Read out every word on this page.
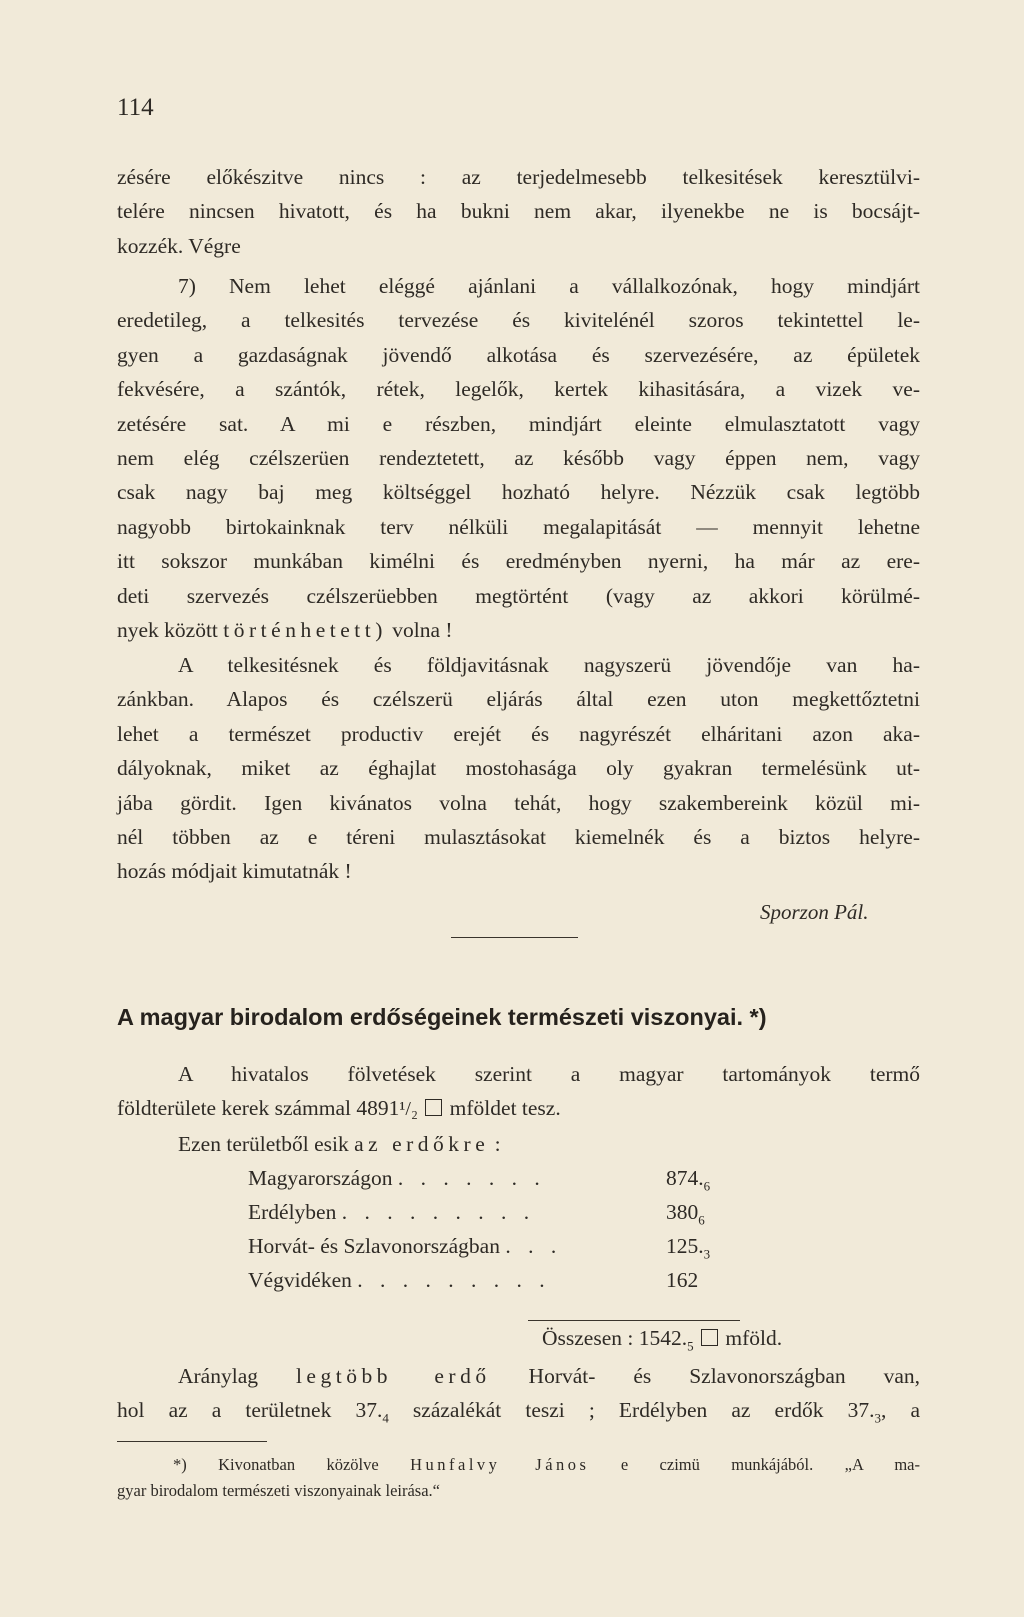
114

zésére előkészitve nincs : az terjedelmesebb telkesitések keresztülvi-

telére nincsen hivatott, és ha bukni nem akar, ilyenekbe ne is bocsájt-

kozzék. Végre

7) Nem lehet eléggé ajánlani a vállalkozónak, hogy mindjárt

eredetileg, a telkesités tervezése és kivitelénél szoros tekintettel le-

gyen a gazdaságnak jövendő alkotása és szervezésére, az épületek

fekvésére, a szántók, rétek, legelők, kertek kihasitására, a vizek ve-

zetésére sat. A mi e részben, mindjárt eleinte elmulasztatott vagy

nem elég czélszerüen rendeztetett, az később vagy éppen nem, vagy

csak nagy baj meg költséggel hozható helyre. Nézzük csak legtöbb

nagyobb birtokainknak terv nélküli megalapitását — mennyit lehetne

itt sokszor munkában kimélni és eredményben nyerni, ha már az ere-

deti szervezés czélszerüebben megtörtént (vagy az akkori körülmé-

nyek között történhetett) volna !

A telkesitésnek és földjavitásnak nagyszerü jövendője van ha-

zánkban. Alapos és czélszerü eljárás által ezen uton megkettőztetni

lehet a természet productiv erejét és nagyrészét elháritani azon aka-

dályoknak, miket az éghajlat mostohasága oly gyakran termelésünk ut-

jába gördit. Igen kivánatos volna tehát, hogy szakembereink közül mi-

nél többen az e téreni mulasztásokat kiemelnék és a biztos helyre-

hozás módjait kimutatnák !

Sporzon Pál.
A magyar birodalom erdőségeinek természeti viszonyai. *)

A hivatalos fölvetések szerint a magyar tartományok termő

földterülete kerek számmal 4891¹/₂ mföldet tesz.

Ezen területből esik az erdőkre :

Magyarországon . . . . . . .	$874._6$
Erdélyben . . . . . . . . .	$380_6$
Horvát- és Szlavonországban . . .	$125._3$
Végvidéken . . . . . . . . .	162
Összesen : $1542._5$ mföld.

Aránylag legtöbb erdő Horvát- és Szlavonországban van,

hol az a területnek $37._4$ százalékát teszi ; Erdélyben az erdők $37._3$, a

*) Kivonatban közölve Hunfalvy János e czimü munkájából. „A ma-
gyar birodalom természeti viszonyainak leirása.“
